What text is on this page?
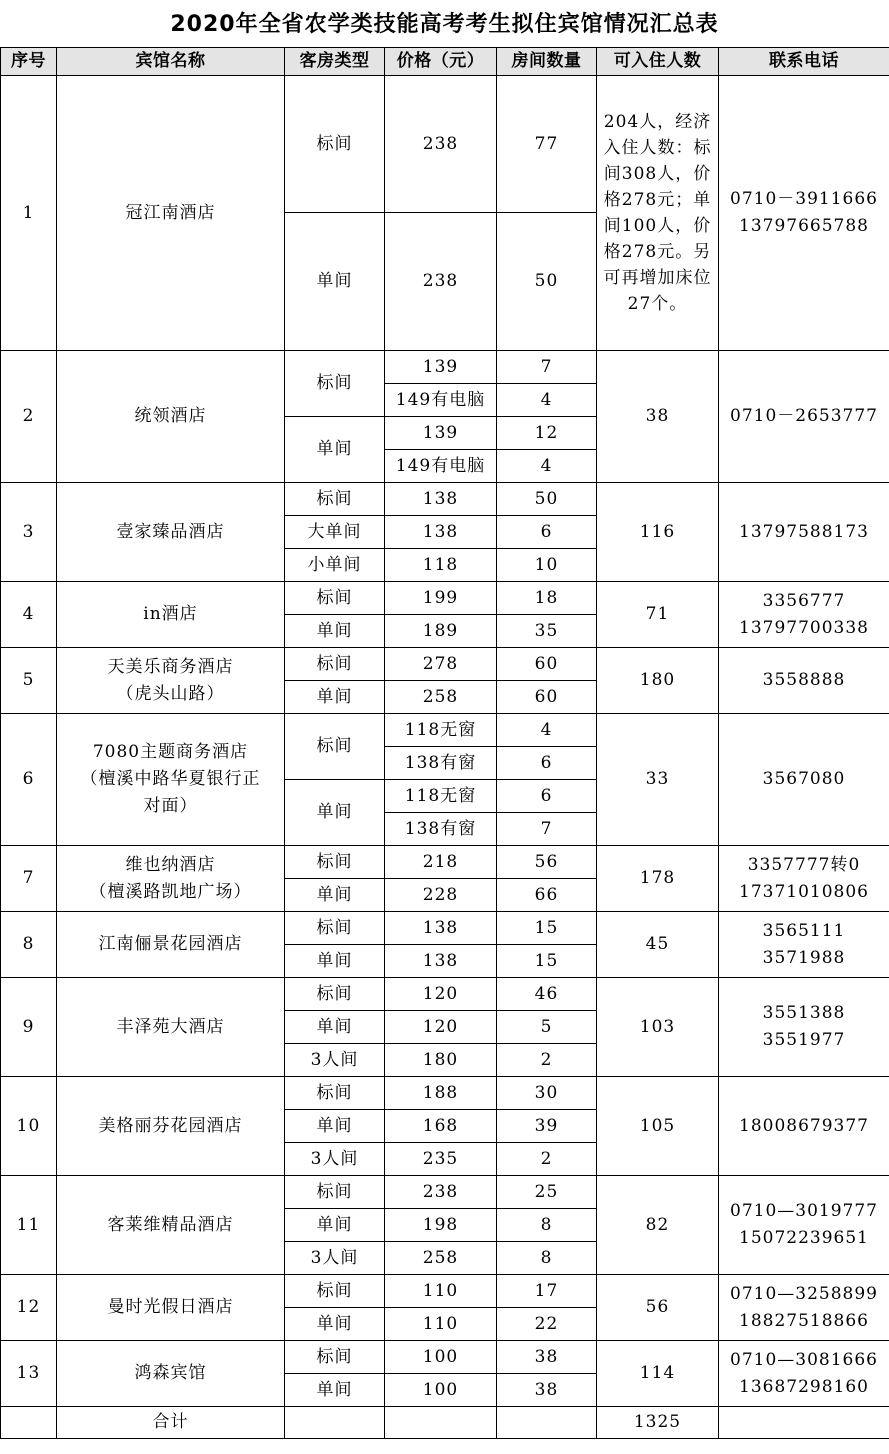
2020年全省农学类技能高考考生拟住宾馆情况汇总表
序号	宾馆名称	客房类型	价格（元）	房间数量	可入住人数	联系电话
1	冠江南酒店	标间	238	77	204人，经济入住人数：标间308人，价格278元；单间100人，价格278元。另可再增加床位27个。	0710－3911666
13797665788

		单间	238	50		
2	统领酒店	标间	139	7	38	0710－2653777

			149有电脑	4		
		单间	139	12		
			149有电脑	4		
3	壹家臻品酒店	标间	138	50	116	13797588173

		大单间	138	6		
		小单间	118	10		
4	in酒店	标间	199	18	71	3356777
13797700338

		单间	189	35		
5	天美乐商务酒店
（虎头山路）	标间	278	60	180	3558888

		单间	258	60		
6	7080主题商务酒店
（檀溪中路华夏银行正
对面）	标间	118无窗	4	33	3567080

			138有窗	6		
		单间	118无窗	6		
			138有窗	7		
7	维也纳酒店
（檀溪路凯地广场）	标间	218	56	178	3357777转0
17371010806

		单间	228	66		
8	江南俪景花园酒店	标间	138	15	45	3565111
3571988

		单间	138	15		
9	丰泽苑大酒店	标间	120	46	103	3551388
3551977

		单间	120	5		
		3人间	180	2		
10	美格丽芬花园酒店	标间	188	30	105	18008679377

		单间	168	39		
		3人间	235	2		
11	客莱维精品酒店	标间	238	25	82	0710—3019777
15072239651

		单间	198	8		
		3人间	258	8		
12	曼时光假日酒店	标间	110	17	56	0710—3258899
18827518866

		单间	110	22		
13	鸿森宾馆	标间	100	38	114	0710—3081666
13687298160

		单间	100	38		
	合计				1325	
